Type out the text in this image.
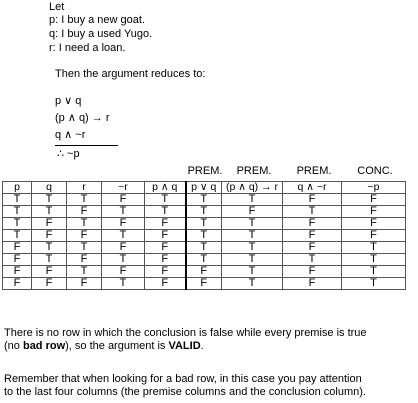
Let
p: I buy a new goat.
q: I buy a used Yugo.
r: I need a loan.
Then the argument reduces to:
p ∨ q
(p ∧ q) → r
q ∧ ~r
∴ ~p
PREM.	PREM.	PREM.	CONC.
p	q	r	~r	p ∧ q	p ∨ q	(p ∧ q) → r	q ∧ ~r	~p
T	T	T	F	T	T	T	F	F
T	T	F	T	T	T	F	T	F
T	F	T	F	F	T	T	F	F
T	F	F	T	F	T	T	F	F
F	T	T	F	F	T	T	F	T
F	T	F	T	F	T	T	T	T
F	F	T	F	F	F	T	F	T
F	F	F	T	F	F	T	F	T
There is no row in which the conclusion is false while every premise is true
(no bad row), so the argument is VALID.
Remember that when looking for a bad row, in this case you pay attention
to the last four columns (the premise columns and the conclusion column).
